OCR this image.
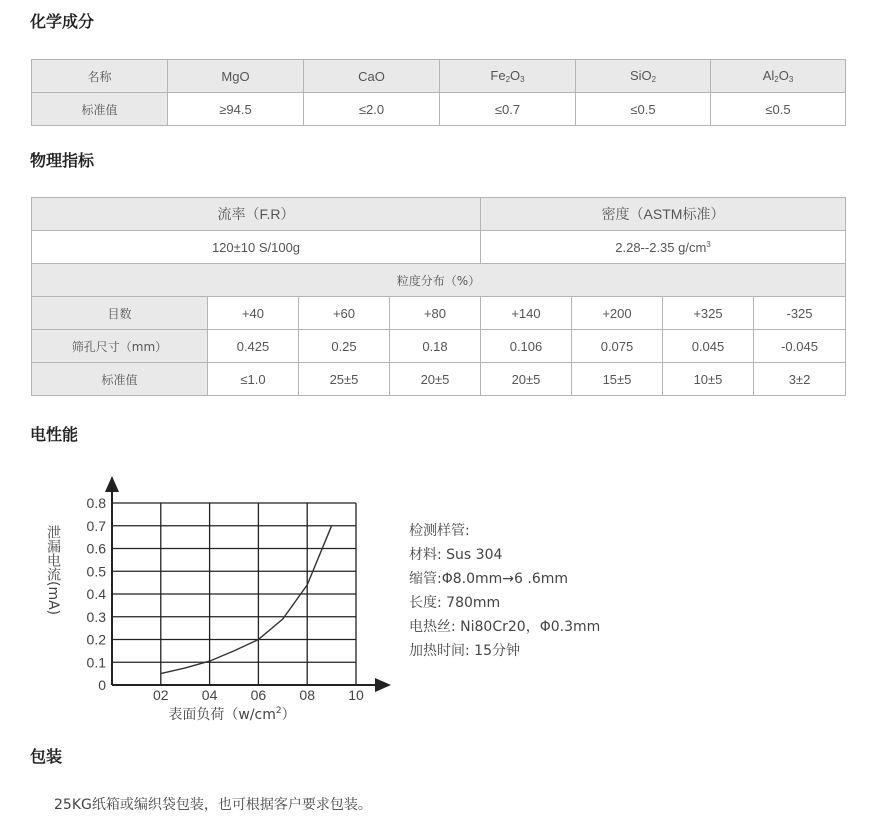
化学成分
名称	MgO	CaO	$Fe_2O_3$	SiO$_2$	$Al_2O_3$
标准值	≥94.5	≤2.0	≤0.7	≤0.5	≤0.5
物理指标
流率（F.R）				密度（ASTM标准）			
120±10 S/100g				2.28--2.35 $g/cm^3$
粒度分布（%）							
目数	+40	+60	+80	+140	+200	+325	-325
筛孔尺寸（mm）	0.425	0.25	0.18	0.106	0.075	0.045	-0.045
标准值	≤1.0	25±5	20±5	20±5	15±5	10±5	3±2
电性能
0
0.1
0.2
0.3
0.4
0.5
0.6
0.7
0.8
02 04 06 08 10
表面负荷$(w/cm^2)$
泄漏电流(mA)	检测样管:
材料: Sus 304
缩管:Φ8.0mm→6 .6mm
长度: 780mm
电热丝: Ni80Cr20，Φ0.3mm
加热时间: 15分钟
包装
25KG纸箱或编织袋包装，也可根据客户要求包装。
